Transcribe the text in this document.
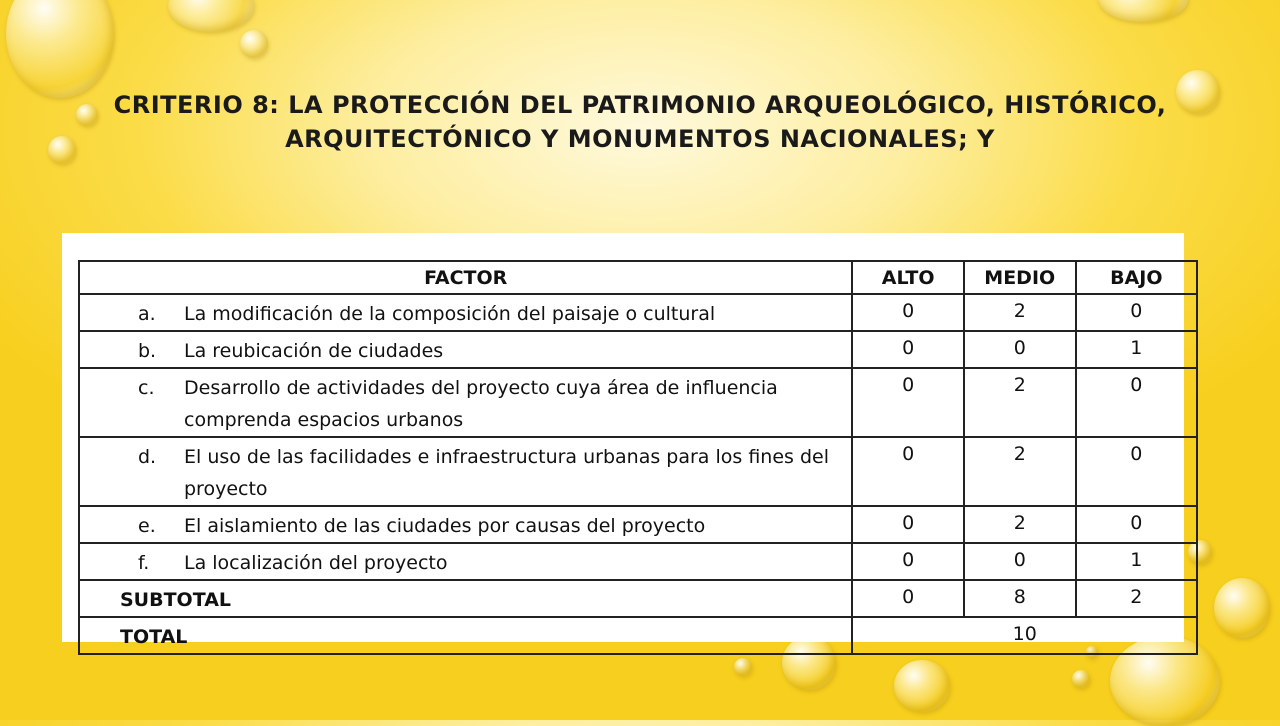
CRITERIO 8: LA PROTECCIÓN DEL PATRIMONIO ARQUEOLÓGICO, HISTÓRICO,
ARQUITECTÓNICO Y MONUMENTOS NACIONALES; Y
FACTOR	ALTO	MEDIO	BAJO

a. La modificación de la composición del paisaje o cultural	0	2	0

b. La reubicación de ciudades	0	0	1

c. Desarrollo de actividades del proyecto cuya área de influencia comprenda espacios urbanos	0	2	0

d. El uso de las facilidades e infraestructura urbanas para los fines del proyecto	0	2	0

e. El aislamiento de las ciudades por causas del proyecto	0	2	0

f. La localización del proyecto	0	0	1

SUBTOTAL	0	8	2

TOTAL	10		
